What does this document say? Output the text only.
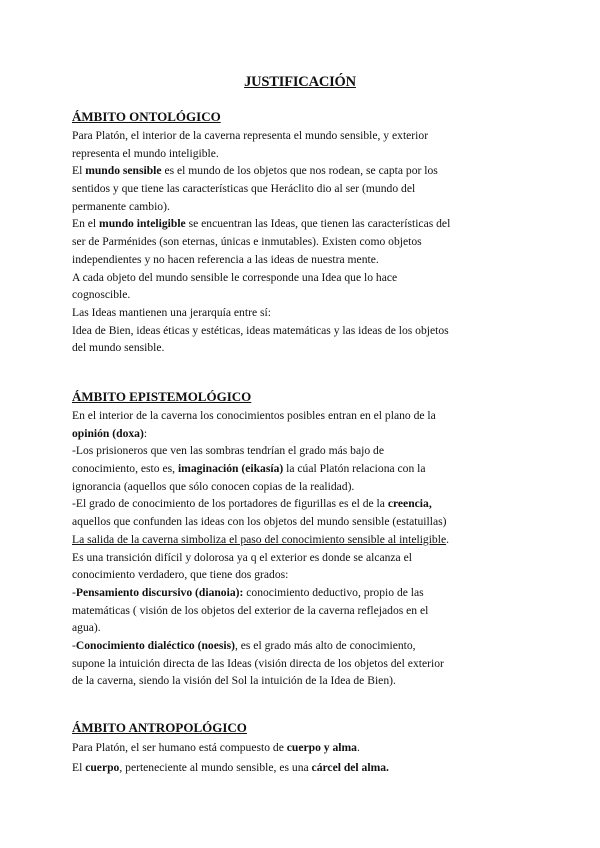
JUSTIFICACIÓN
ÁMBITO ONTOLÓGICO
Para Platón, el interior de la caverna representa el mundo sensible, y exterior
representa el mundo inteligible.
El mundo sensible es el mundo de los objetos que nos rodean, se capta por los
sentidos y que tiene las características que Heráclito dio al ser (mundo del
permanente cambio).
En el mundo inteligible se encuentran las Ideas, que tienen las características del
ser de Parménides (son eternas, únicas e inmutables). Existen como objetos
independientes y no hacen referencia a las ideas de nuestra mente.
A cada objeto del mundo sensible le corresponde una Idea que lo hace
cognoscible.
Las Ideas mantienen una jerarquía entre sí:
Idea de Bien, ideas éticas y estéticas, ideas matemáticas y las ideas de los objetos
del mundo sensible.
ÁMBITO EPISTEMOLÓGICO
En el interior de la caverna los conocimientos posibles entran en el plano de la
opinión (doxa):
-Los prisioneros que ven las sombras tendrían el grado más bajo de
conocimiento, esto es, imaginación (eikasía) la cúal Platón relaciona con la
ignorancia (aquellos que sólo conocen copias de la realidad).
-El grado de conocimiento de los portadores de figurillas es el de la creencia,
aquellos que confunden las ideas con los objetos del mundo sensible (estatuillas)
La salida de la caverna simboliza el paso del conocimiento sensible al inteligible.
Es una transición difícil y dolorosa ya q el exterior es donde se alcanza el
conocimiento verdadero, que tiene dos grados:
-Pensamiento discursivo (dianoia): conocimiento deductivo, propio de las
matemáticas ( visión de los objetos del exterior de la caverna reflejados en el
agua).
-Conocimiento dialéctico (noesis), es el grado más alto de conocimiento,
supone la intuición directa de las Ideas (visión directa de los objetos del exterior
de la caverna, siendo la visión del Sol la intuición de la Idea de Bien).
ÁMBITO ANTROPOLÓGICO
Para Platón, el ser humano está compuesto de cuerpo y alma.
El cuerpo, perteneciente al mundo sensible, es una cárcel del alma.
